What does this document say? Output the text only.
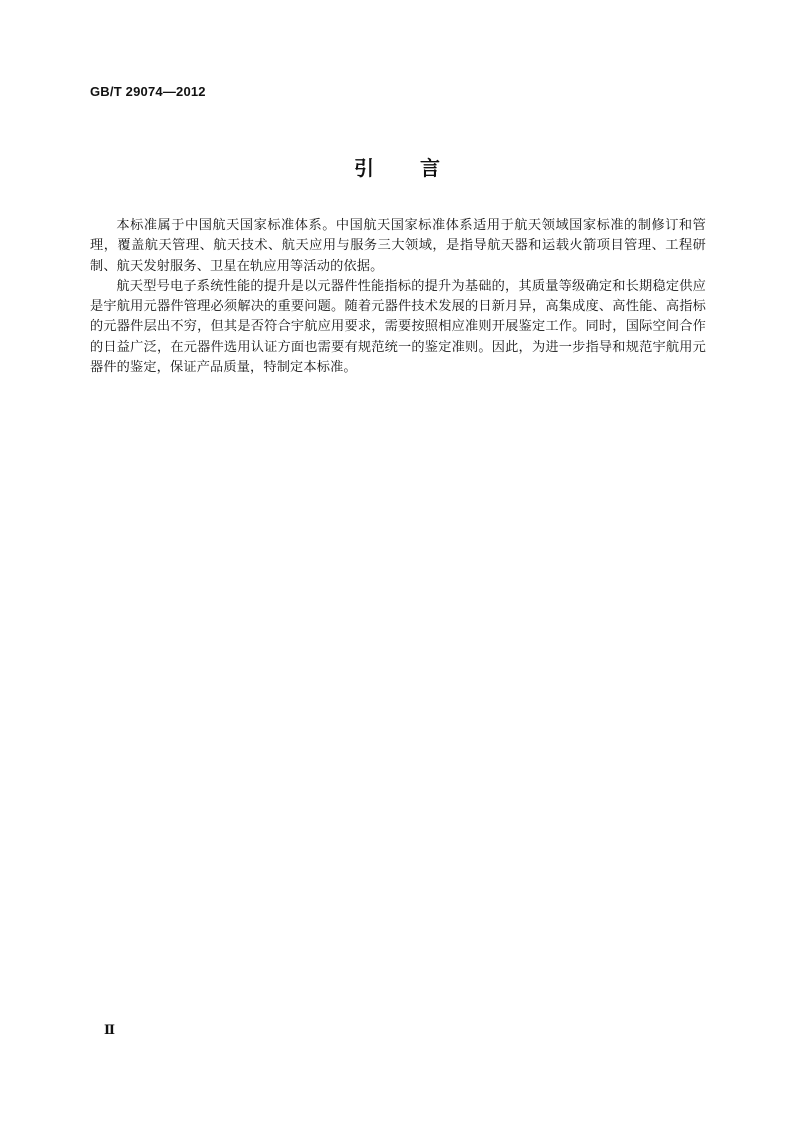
GB/T 29074—2012
引 言

本标准属于中国航天国家标准体系。中国航天国家标准体系适用于航天领域国家标准的制修订和管理，覆盖航天管理、航天技术、航天应用与服务三大领域，是指导航天器和运载火箭项目管理、工程研制、航天发射服务、卫星在轨应用等活动的依据。

航天型号电子系统性能的提升是以元器件性能指标的提升为基础的，其质量等级确定和长期稳定供应是宇航用元器件管理必须解决的重要问题。随着元器件技术发展的日新月异，高集成度、高性能、高指标的元器件层出不穷，但其是否符合宇航应用要求，需要按照相应准则开展鉴定工作。同时，国际空间合作的日益广泛，在元器件选用认证方面也需要有规范统一的鉴定准则。因此，为进一步指导和规范宇航用元器件的鉴定，保证产品质量，特制定本标准。

Ⅱ
